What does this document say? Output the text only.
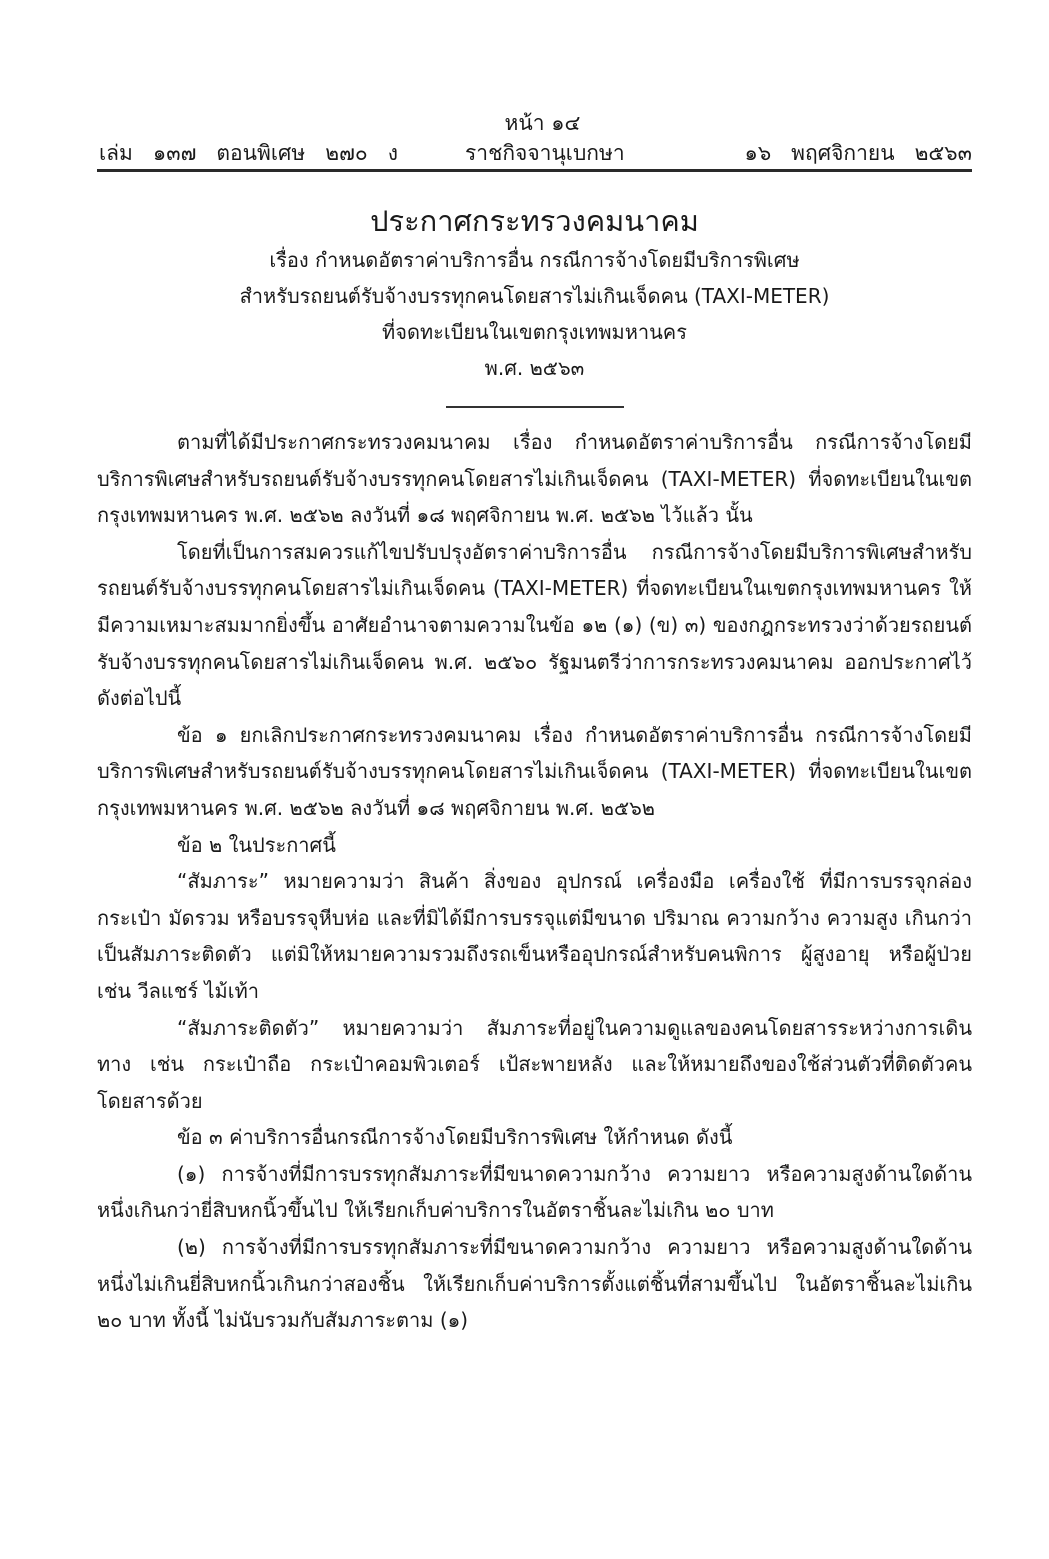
หน้า ๑๔
เล่ม   ๑๓๗   ตอนพิเศษ   ๒๗๐   ง	ราชกิจจานุเบกษา	๑๖   พฤศจิกายน   ๒๕๖๓
ประกาศกระทรวงคมนาคม

เรื่อง กำหนดอัตราค่าบริการอื่น กรณีการจ้างโดยมีบริการพิเศษ

สำหรับรถยนต์รับจ้างบรรทุกคนโดยสารไม่เกินเจ็ดคน (TAXI-METER)

ที่จดทะเบียนในเขตกรุงเทพมหานคร

พ.ศ. ๒๕๖๓

ตามที่ได้มีประกาศกระทรวงคมนาคม เรื่อง กำหนดอัตราค่าบริการอื่น กรณีการจ้างโดยมีบริการพิเศษสำหรับรถยนต์รับจ้างบรรทุกคนโดยสารไม่เกินเจ็ดคน (TAXI-METER) ที่จดทะเบียนในเขตกรุงเทพมหานคร พ.ศ. ๒๕๖๒ ลงวันที่ ๑๘ พฤศจิกายน พ.ศ. ๒๕๖๒ ไว้แล้ว นั้น

โดยที่เป็นการสมควรแก้ไขปรับปรุงอัตราค่าบริการอื่น กรณีการจ้างโดยมีบริการพิเศษสำหรับรถยนต์รับจ้างบรรทุกคนโดยสารไม่เกินเจ็ดคน (TAXI-METER) ที่จดทะเบียนในเขตกรุงเทพมหานคร ให้มีความเหมาะสมมากยิ่งขึ้น อาศัยอำนาจตามความในข้อ ๑๒ (๑) (ข) ๓) ของกฎกระทรวงว่าด้วยรถยนต์รับจ้างบรรทุกคนโดยสารไม่เกินเจ็ดคน พ.ศ. ๒๕๖๐ รัฐมนตรีว่าการกระทรวงคมนาคม ออกประกาศไว้ ดังต่อไปนี้

ข้อ ๑ ยกเลิกประกาศกระทรวงคมนาคม เรื่อง กำหนดอัตราค่าบริการอื่น กรณีการจ้างโดยมีบริการพิเศษสำหรับรถยนต์รับจ้างบรรทุกคนโดยสารไม่เกินเจ็ดคน (TAXI-METER) ที่จดทะเบียนในเขตกรุงเทพมหานคร พ.ศ. ๒๕๖๒ ลงวันที่ ๑๘ พฤศจิกายน พ.ศ. ๒๕๖๒

ข้อ ๒ ในประกาศนี้

“สัมภาระ” หมายความว่า สินค้า สิ่งของ อุปกรณ์ เครื่องมือ เครื่องใช้ ที่มีการบรรจุกล่อง กระเป๋า มัดรวม หรือบรรจุหีบห่อ และที่มิได้มีการบรรจุแต่มีขนาด ปริมาณ ความกว้าง ความสูง เกินกว่าเป็นสัมภาระติดตัว แต่มิให้หมายความรวมถึงรถเข็นหรืออุปกรณ์สำหรับคนพิการ ผู้สูงอายุ หรือผู้ป่วย เช่น วีลแชร์ ไม้เท้า

“สัมภาระติดตัว” หมายความว่า สัมภาระที่อยู่ในความดูแลของคนโดยสารระหว่างการเดินทาง เช่น กระเป๋าถือ กระเป๋าคอมพิวเตอร์ เป้สะพายหลัง และให้หมายถึงของใช้ส่วนตัวที่ติดตัวคนโดยสารด้วย

ข้อ ๓ ค่าบริการอื่นกรณีการจ้างโดยมีบริการพิเศษ ให้กำหนด ดังนี้

(๑) การจ้างที่มีการบรรทุกสัมภาระที่มีขนาดความกว้าง ความยาว หรือความสูงด้านใดด้านหนึ่งเกินกว่ายี่สิบหกนิ้วขึ้นไป ให้เรียกเก็บค่าบริการในอัตราชิ้นละไม่เกิน ๒๐ บาท

(๒) การจ้างที่มีการบรรทุกสัมภาระที่มีขนาดความกว้าง ความยาว หรือความสูงด้านใดด้านหนึ่งไม่เกินยี่สิบหกนิ้วเกินกว่าสองชิ้น ให้เรียกเก็บค่าบริการตั้งแต่ชิ้นที่สามขึ้นไป ในอัตราชิ้นละไม่เกิน ๒๐ บาท ทั้งนี้ ไม่นับรวมกับสัมภาระตาม (๑)
